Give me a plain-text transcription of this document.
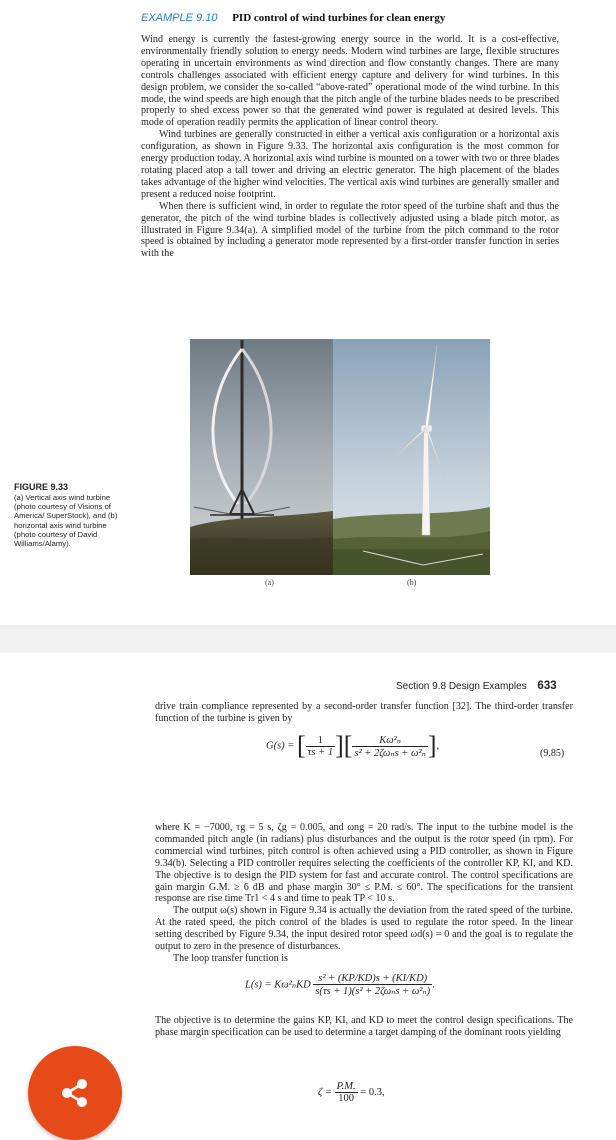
EXAMPLE 9.10 PID control of wind turbines for clean energy

Wind energy is currently the fastest-growing energy source in the world. It is a cost-effective, environmentally friendly solution to energy needs. Modern wind turbines are large, flexible structures operating in uncertain environments as wind direction and flow constantly changes. There are many controls challenges associated with efficient energy capture and delivery for wind turbines. In this design problem, we consider the so-called “above-rated” operational mode of the wind turbine. In this mode, the wind speeds are high enough that the pitch angle of the turbine blades needs to be prescribed properly to shed excess power so that the generated wind power is regulated at desired levels. This mode of operation readily permits the application of linear control theory.

Wind turbines are generally constructed in either a vertical axis configuration or a horizontal axis configuration, as shown in Figure 9.33. The horizontal axis configuration is the most common for energy production today. A horizontal axis wind turbine is mounted on a tower with two or three blades rotating placed atop a tall tower and driving an electric generator. The high placement of the blades takes advantage of the higher wind velocities. The vertical axis wind turbines are generally smaller and present a reduced noise footprint.

When there is sufficient wind, in order to regulate the rotor speed of the turbine shaft and thus the generator, the pitch of the wind turbine blades is collectively adjusted using a blade pitch motor, as illustrated in Figure 9.34(a). A simplified model of the turbine from the pitch command to the rotor speed is obtained by including a generator mode represented by a first-order transfer function in series with the

(a)	(b)
FIGURE 9.33
(a) Vertical axis wind turbine (photo courtesy of Visions of America/ SuperStock), and (b) horizontal axis wind turbine (photo courtesy of David Williams/Alamy).
Section 9.8 Design Examples 633

drive train compliance represented by a second-order transfer function [32]. The third-order transfer function of the turbine is given by

G(s) = [ $\frac{1}{\tau s + 1}$ ][ $\frac{\text{Kω²ₙ}}{\text{s² + 2ζωₙs + ω²ₙ}}$ ],
(9.85)

where K = −7000, τg = 5 s, ζg = 0.005, and ωng = 20 rad/s. The input to the turbine model is the commanded pitch angle (in radians) plus disturbances and the output is the rotor speed (in rpm). For commercial wind turbines, pitch control is often achieved using a PID controller, as shown in Figure 9.34(b). Selecting a PID controller requires selecting the coefficients of the controller KP, KI, and KD. The objective is to design the PID system for fast and accurate control. The control specifications are gain margin G.M. ≥ 6 dB and phase margin 30° ≤ P.M. ≤ 60°. The specifications for the transient response are rise time Tr1 < 4 s and time to peak TP < 10 s.

The output ω(s) shown in Figure 9.34 is actually the deviation from the rated speed of the turbine. At the rated speed, the pitch control of the blades is used to regulate the rotor speed. In the linear setting described by Figure 9.34, the input desired rotor speed ωd(s) = 0 and the goal is to regulate the output to zero in the presence of disturbances.

The loop transfer function is

$L(s) = K\omega^2_nKD \frac{\text{s² + (KP/KD)s + (KI/KD)}}{\text{s(τs + 1)(s² + 2ζωₙs + ω²ₙ)}}$ .

The objective is to determine the gains KP, KI, and KD to meet the control design specifications. The phase margin specification can be used to determine a target damping of the dominant roots yielding

$\zeta = \frac{P.M.}{100} = 0.3$,
